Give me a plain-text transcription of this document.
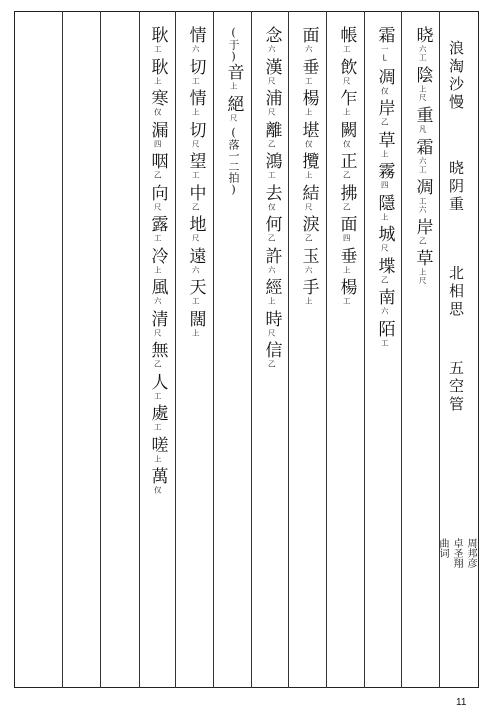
浪淘沙慢
晓阴重
北相思
五空管
曲词 卓圣翔 周邦彦
晓
六工
陰
上尺
重
凡
霜
六工
凋
工六
岸
乙
草
上尺
霜
一L
凋
仅
岸
乙
草
上
霧
四
隱
上
城
尺
堞
乙
南
六
陌
工
帳
工
飲
尺
乍
上
闕
仅
正
乙
拂
乙
面
四
垂
上
楊
工
面
六
垂
工
楊
上
堪
仅
攬
上
結
尺
淚
乙
玉
六
手
上
念
六
漢
尺
浦
尺
離
乙
鴻
工
去
仅
何
乙
許
六
經
上
時
尺
信
乙
(于)
音
上
絕
尺
(落一二拍)
情
六
切
工
情
上
切
尺
望
工
中
乙
地
尺
遠
六
天
工
闊
上
耿
工
耿
上
寒
仅
漏
四
咽
乙
向
尺
露
工
冷
上
風
六
清
尺
無
乙
人
工
處
工
嗟
上
萬
仅
11
